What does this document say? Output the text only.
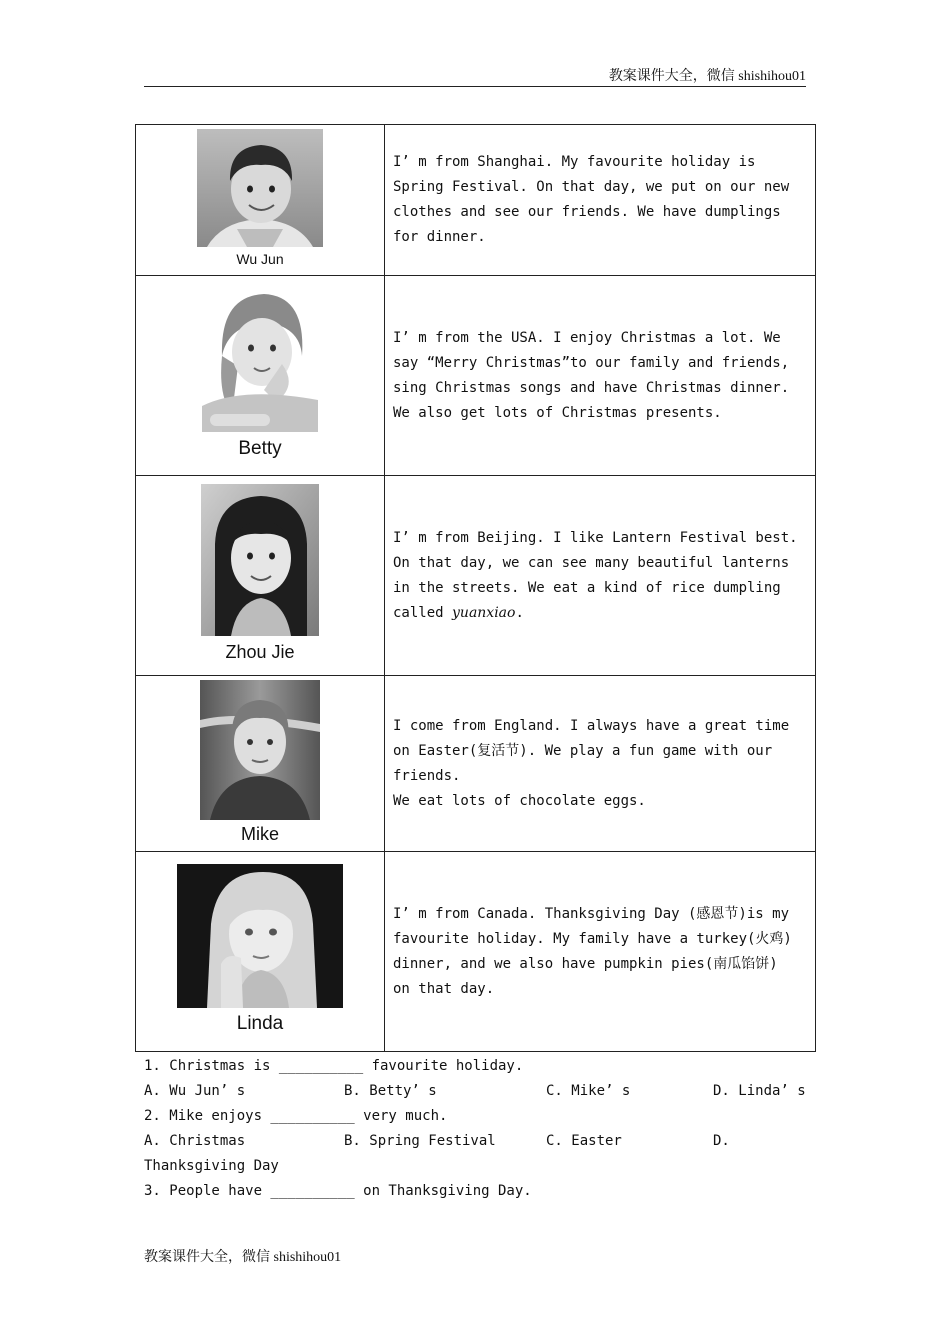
教案课件大全，微信 shishihou01
Wu Jun	I’ m from Shanghai. My favourite holiday is
Spring Festival. On that day, we put on our new
clothes and see our friends. We have dumplings
for dinner.

Betty	I’ m from the USA. I enjoy Christmas a lot. We
say “Merry Christmas”to our family and friends,
sing Christmas songs and have Christmas dinner.
We also get lots of Christmas presents.

Zhou Jie	I’ m from Beijing. I like Lantern Festival best.
On that day, we can see many beautiful lanterns
in the streets. We eat a kind of rice dumpling
called yuanxiao.

Mike	I come from England. I always have a great time
on Easter(复活节). We play a fun game with our
friends.
We eat lots of chocolate eggs.

Linda	I’ m from Canada. Thanksgiving Day (感恩节)is my
favourite holiday. My family have a turkey(火鸡)
dinner, and we also have pumpkin pies(南瓜馅饼)
on that day.
1. Christmas is __________ favourite holiday.
A. Wu Jun’ s	B. Betty’ s	C. Mike’ s	D. Linda’ s
2. Mike enjoys __________ very much.
A. Christmas	B. Spring Festival	C. Easter	D.
Thanksgiving Day
3. People have __________ on Thanksgiving Day.
教案课件大全，微信 shishihou01
